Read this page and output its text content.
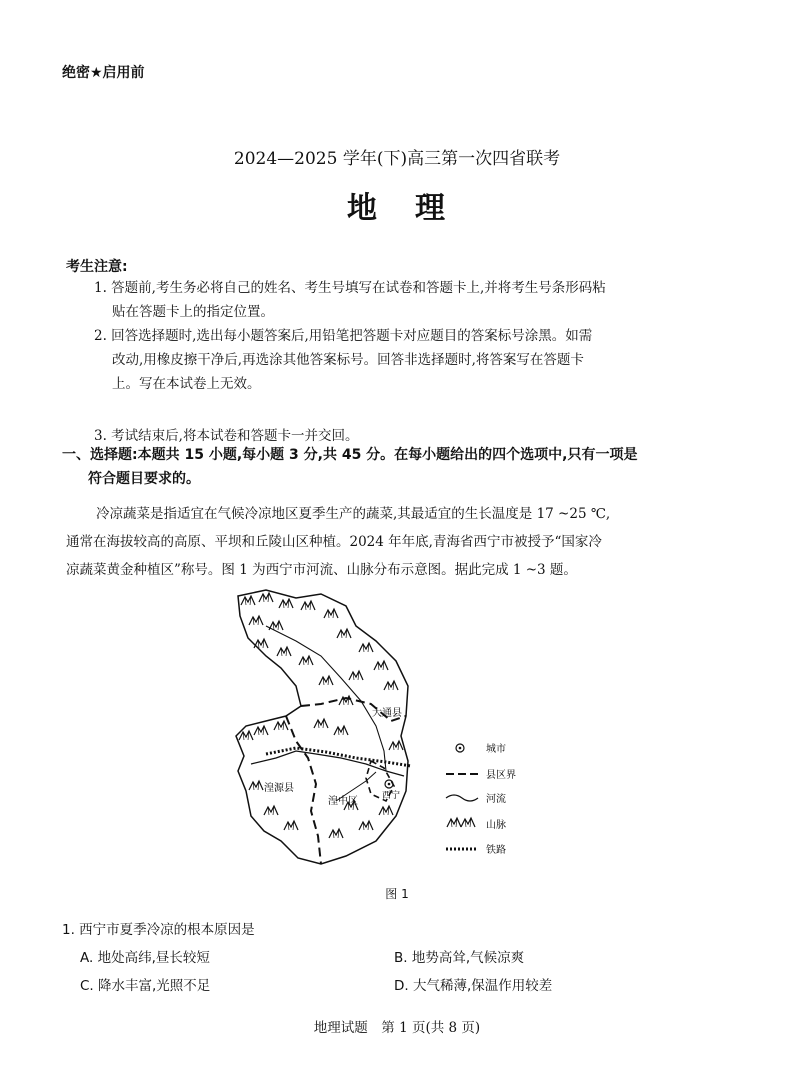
绝密★启用前
2024—2025 学年(下)高三第一次四省联考
地 理
考生注意:
1. 答题前,考生务必将自己的姓名、考生号填写在试卷和答题卡上,并将考生号条形码粘
贴在答题卡上的指定位置。
2. 回答选择题时,选出每小题答案后,用铅笔把答题卡对应题目的答案标号涂黑。如需
改动,用橡皮擦干净后,再选涂其他答案标号。回答非选择题时,将答案写在答题卡
上。写在本试卷上无效。
3. 考试结束后,将本试卷和答题卡一并交回。
一、选择题:本题共 15 小题,每小题 3 分,共 45 分。在每小题给出的四个选项中,只有一项是
符合题目要求的。
冷凉蔬菜是指适宜在气候冷凉地区夏季生产的蔬菜,其最适宜的生长温度是 17 ~25 ℃,
通常在海拔较高的高原、平坝和丘陵山区种植。2024 年年底,青海省西宁市被授予“国家冷
凉蔬菜黄金种植区”称号。图 1 为西宁市河流、山脉分布示意图。据此完成 1 ~3 题。
大通县
湟源县
湟中区	西宁
城市
县区界
河流
山脉
铁路
图 1
1. 西宁市夏季冷凉的根本原因是
A. 地处高纬,昼长较短	B. 地势高耸,气候凉爽
C. 降水丰富,光照不足	D. 大气稀薄,保温作用较差
地理试题　第 1 页(共 8 页)
